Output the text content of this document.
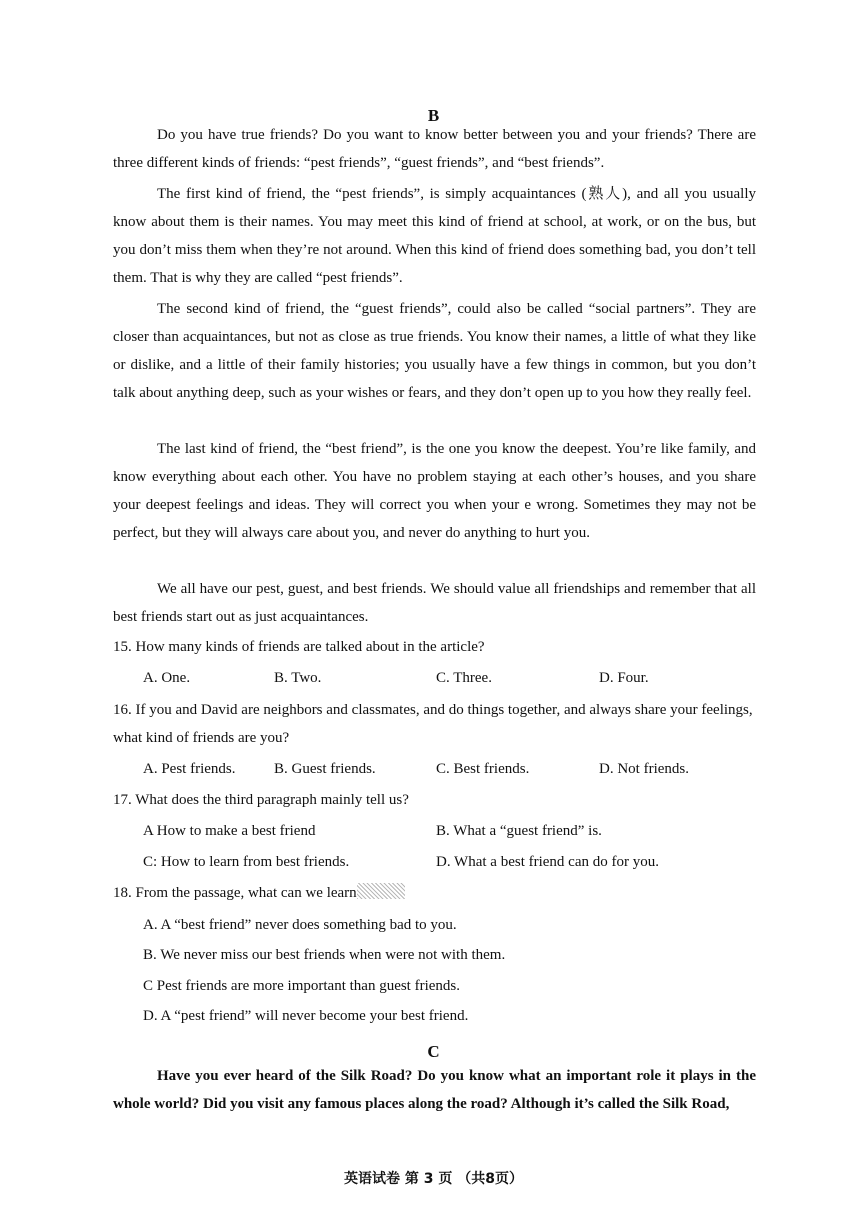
B
Do you have true friends? Do you want to know better between you and your friends? There are three different kinds of friends: “pest friends”, “guest friends”, and “best friends”.
The first kind of friend, the “pest friends”, is simply acquaintances (熟人), and all you usually know about them is their names. You may meet this kind of friend at school, at work, or on the bus, but you don’t miss them when they’re not around. When this kind of friend does something bad, you don’t tell them. That is why they are called “pest friends”.
The second kind of friend, the “guest friends”, could also be called “social partners”. They are closer than acquaintances, but not as close as true friends. You know their names, a little of what they like or dislike, and a little of their family histories; you usually have a few things in common, but you don’t talk about anything deep, such as your wishes or fears, and they don’t open up to you how they really feel.
The last kind of friend, the “best friend”, is the one you know the deepest. You’re like family, and know everything about each other. You have no problem staying at each other’s houses, and you share your deepest feelings and ideas. They will correct you when your e wrong. Sometimes they may not be perfect, but they will always care about you, and never do anything to hurt you.
We all have our pest, guest, and best friends. We should value all friendships and remember that all best friends start out as just acquaintances.
15. How many kinds of friends are talked about in the article?
A. One.	B. Two.	C. Three.	D. Four.
16. If you and David are neighbors and classmates, and do things together, and always share your feelings, what kind of friends are you?
A. Pest friends.	B. Guest friends.	C. Best friends.	D. Not friends.
17. What does the third paragraph mainly tell us?
A How to make a best friend	B. What a “guest friend” is.
C: How to learn from best friends.	D. What a best friend can do for you.
18. From the passage, what can we learn
A. A “best friend” never does something bad to you.
B. We never miss our best friends when were not with them.
C Pest friends are more important than guest friends.
D. A “pest friend” will never become your best friend.
C
Have you ever heard of the Silk Road? Do you know what an important role it plays in the whole world? Did you visit any famous places along the road? Although it’s called the Silk Road,
英语试卷 第 3 页 （共8页）
